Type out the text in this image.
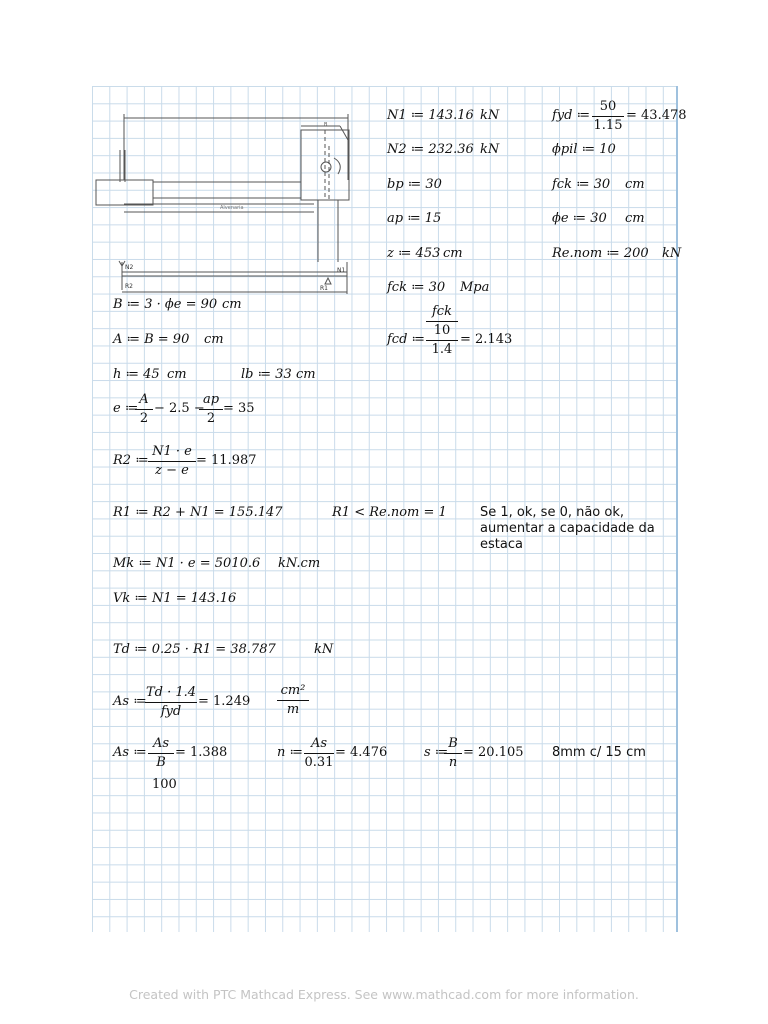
Alvenaria
B
N2
R2
N1
R1
N1 ≔ 143.16 kN
N2 ≔ 232.36 kN
bp ≔ 30
ap ≔ 15
z ≔ 453 cm
fck ≔ 30 Mpa
fyd ≔
50
1.15
= 43.478
ϕpil ≔ 10
fck ≔ 30 cm
ϕe ≔ 30 cm
Re.nom ≔ 200 kN
fcd ≔
fck
10
1.4
= 2.143
B ≔ 3 · ϕe = 90 cm
A ≔ B = 90 cm
h ≔ 45 cm	lb ≔ 33 cm
e ≔
A
2
− 2.5 −
ap
2
= 35
R2 ≔
N1 · e
z − e
= 11.987
R1 ≔ R2 + N1 = 155.147	R1 < Re.nom = 1	Se 1, ok, se 0, não ok, aumentar a capacidade da estaca
Mk ≔ N1 · e = 5010.6 kN.cm
Vk ≔ N1 = 143.16
Td ≔ 0.25 · R1 = 38.787	kN
As ≔
Td · 1.4
fyd
= 1.249
cm²
m
As ≔
As
B
= 1.388
100
n ≔
As
0.31
= 4.476	s ≔
B
n
= 20.105 8mm c/ 15 cm
Created with PTC Mathcad Express. See www.mathcad.com for more information.
